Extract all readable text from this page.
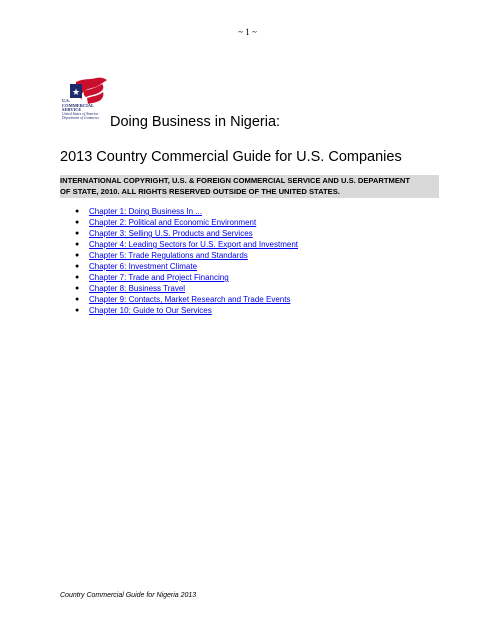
~ 1 ~
★
U.S.
COMMERCIAL
SERVICE
United States of America
Department of Commerce Doing Business in Nigeria:
2013 Country Commercial Guide for U.S. Companies
INTERNATIONAL COPYRIGHT, U.S. & FOREIGN COMMERCIAL SERVICE AND U.S. DEPARTMENT
OF STATE, 2010. ALL RIGHTS RESERVED OUTSIDE OF THE UNITED STATES.
● Chapter 1: Doing Business In ...
● Chapter 2: Political and Economic Environment
● Chapter 3: Selling U.S. Products and Services
● Chapter 4: Leading Sectors for U.S. Export and Investment
● Chapter 5: Trade Regulations and Standards
● Chapter 6: Investment Climate
● Chapter 7: Trade and Project Financing
● Chapter 8: Business Travel
● Chapter 9: Contacts, Market Research and Trade Events
● Chapter 10: Guide to Our Services
Country Commercial Guide for Nigeria 2013
